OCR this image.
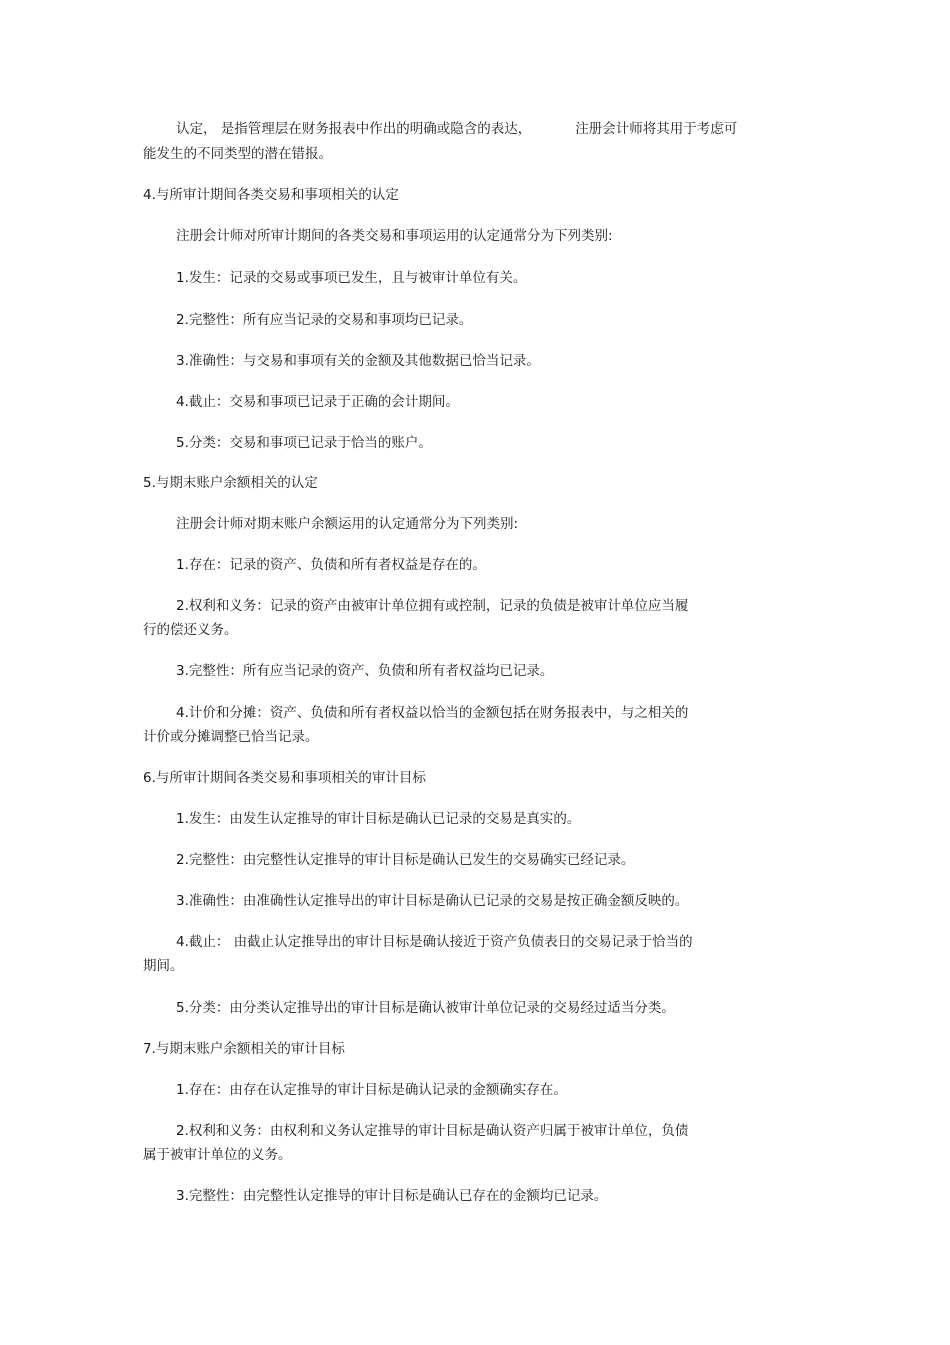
认定， 是指管理层在财务报表中作出的明确或隐含的表达，	注册会计师将其用于考虑可

能发生的不同类型的潜在错报。

4.与所审计期间各类交易和事项相关的认定

注册会计师对所审计期间的各类交易和事项运用的认定通常分为下列类别:

1.发生：记录的交易或事项已发生，且与被审计单位有关。

2.完整性：所有应当记录的交易和事项均已记录。

3.准确性：与交易和事项有关的金额及其他数据已恰当记录。

4.截止：交易和事项已记录于正确的会计期间。

5.分类：交易和事项已记录于恰当的账户。

5.与期末账户余额相关的认定

注册会计师对期末账户余额运用的认定通常分为下列类别:

1.存在：记录的资产、负债和所有者权益是存在的。

2.权利和义务：记录的资产由被审计单位拥有或控制，记录的负债是被审计单位应当履

行的偿还义务。

3.完整性：所有应当记录的资产、负债和所有者权益均已记录。

4.计价和分摊：资产、负债和所有者权益以恰当的金额包括在财务报表中，与之相关的

计价或分摊调整已恰当记录。

6.与所审计期间各类交易和事项相关的审计目标

1.发生：由发生认定推导的审计目标是确认已记录的交易是真实的。

2.完整性：由完整性认定推导的审计目标是确认已发生的交易确实已经记录。

3.准确性：由准确性认定推导出的审计目标是确认已记录的交易是按正确金额反映的。

4.截止： 由截止认定推导出的审计目标是确认接近于资产负债表日的交易记录于恰当的

期间。

5.分类：由分类认定推导出的审计目标是确认被审计单位记录的交易经过适当分类。

7.与期末账户余额相关的审计目标

1.存在：由存在认定推导的审计目标是确认记录的金额确实存在。

2.权利和义务：由权利和义务认定推导的审计目标是确认资产归属于被审计单位，负债

属于被审计单位的义务。

3.完整性：由完整性认定推导的审计目标是确认已存在的金额均已记录。
